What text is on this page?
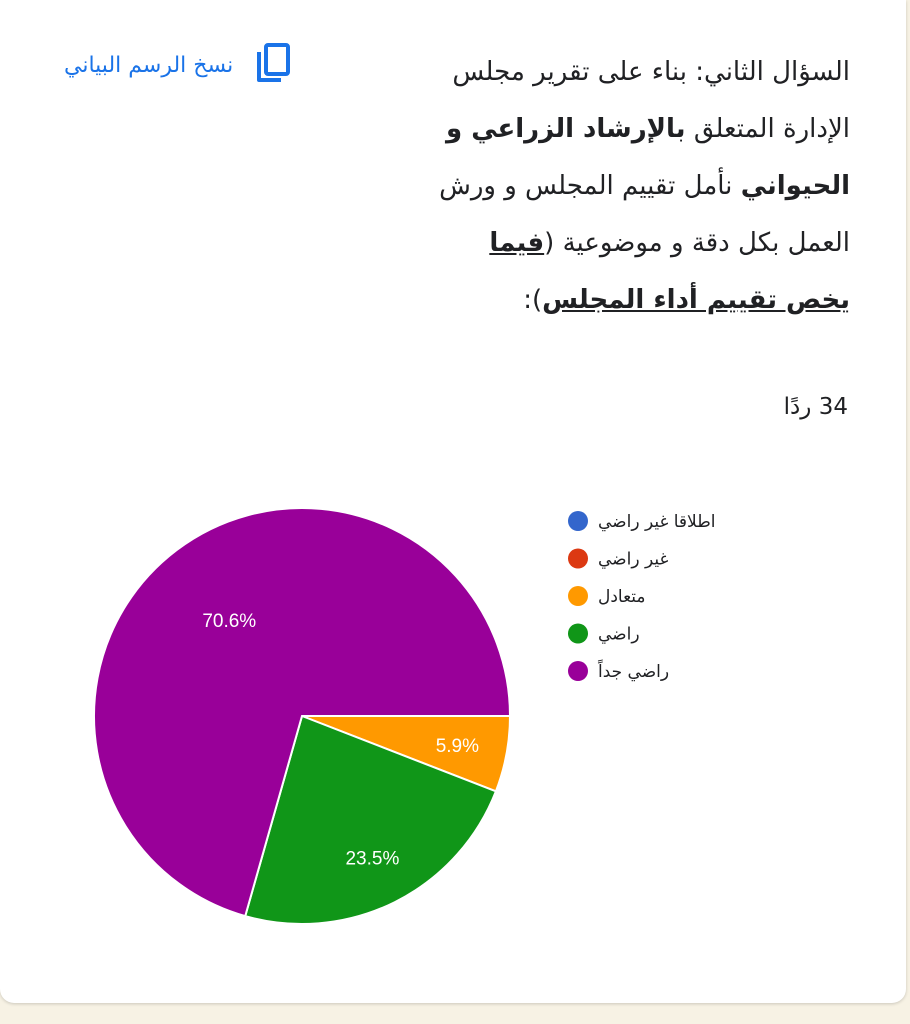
نسخ الرسم البياني	السؤال الثاني: بناء على تقرير مجلس الإدارة المتعلق بالإرشاد الزراعي و الحيواني نأمل تقييم المجلس و ورش العمل بكل دقة و موضوعية (فيما يخص تقييم أداء المجلس):
34 ردًا
5.9%
23.5%
70.6%
اطلاقا غير راضي
غير راضي
متعادل
راضي
راضي جداً
